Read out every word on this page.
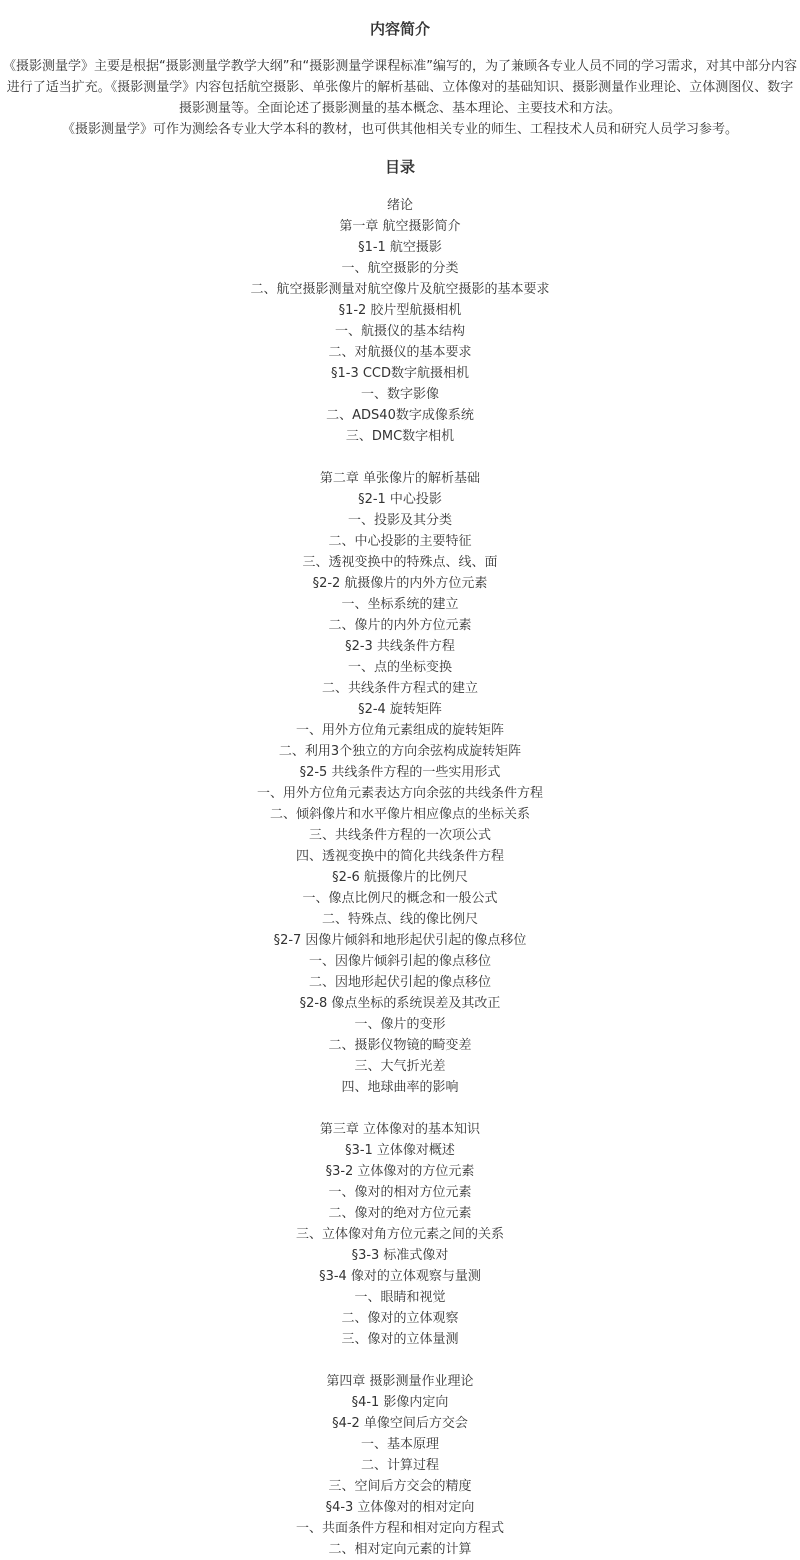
内容简介

《摄影测量学》主要是根据“摄影测量学教学大纲”和“摄影测量学课程标准”编写的，为了兼顾各专业人员不同的学习需求，对其中部分内容进行了适当扩充。《摄影测量学》内容包括航空摄影、单张像片的解析基础、立体像对的基础知识、摄影测量作业理论、立体测图仪、数字摄影测量等。全面论述了摄影测量的基本概念、基本理论、主要技术和方法。

《摄影测量学》可作为测绘各专业大学本科的教材，也可供其他相关专业的师生、工程技术人员和研究人员学习参考。

目录
绪论
第一章 航空摄影简介
§1-1 航空摄影
一、航空摄影的分类
二、航空摄影测量对航空像片及航空摄影的基本要求
§1-2 胶片型航摄相机
一、航摄仪的基本结构
二、对航摄仪的基本要求
§1-3 CCD数字航摄相机
一、数字影像
二、ADS40数字成像系统
三、DMC数字相机
第二章 单张像片的解析基础
§2-1 中心投影
一、投影及其分类
二、中心投影的主要特征
三、透视变换中的特殊点、线、面
§2-2 航摄像片的内外方位元素
一、坐标系统的建立
二、像片的内外方位元素
§2-3 共线条件方程
一、点的坐标变换
二、共线条件方程式的建立
§2-4 旋转矩阵
一、用外方位角元素组成的旋转矩阵
二、利用3个独立的方向余弦构成旋转矩阵
§2-5 共线条件方程的一些实用形式
一、用外方位角元素表达方向余弦的共线条件方程
二、倾斜像片和水平像片相应像点的坐标关系
三、共线条件方程的一次项公式
四、透视变换中的简化共线条件方程
§2-6 航摄像片的比例尺
一、像点比例尺的概念和一般公式
二、特殊点、线的像比例尺
§2-7 因像片倾斜和地形起伏引起的像点移位
一、因像片倾斜引起的像点移位
二、因地形起伏引起的像点移位
§2-8 像点坐标的系统误差及其改正
一、像片的变形
二、摄影仪物镜的畸变差
三、大气折光差
四、地球曲率的影响
第三章 立体像对的基本知识
§3-1 立体像对概述
§3-2 立体像对的方位元素
一、像对的相对方位元素
二、像对的绝对方位元素
三、立体像对角方位元素之间的关系
§3-3 标准式像对
§3-4 像对的立体观察与量测
一、眼睛和视觉
二、像对的立体观察
三、像对的立体量测
第四章 摄影测量作业理论
§4-1 影像内定向
§4-2 单像空间后方交会
一、基本原理
二、计算过程
三、空间后方交会的精度
§4-3 立体像对的相对定向
一、共面条件方程和相对定向方程式
二、相对定向元素的计算
